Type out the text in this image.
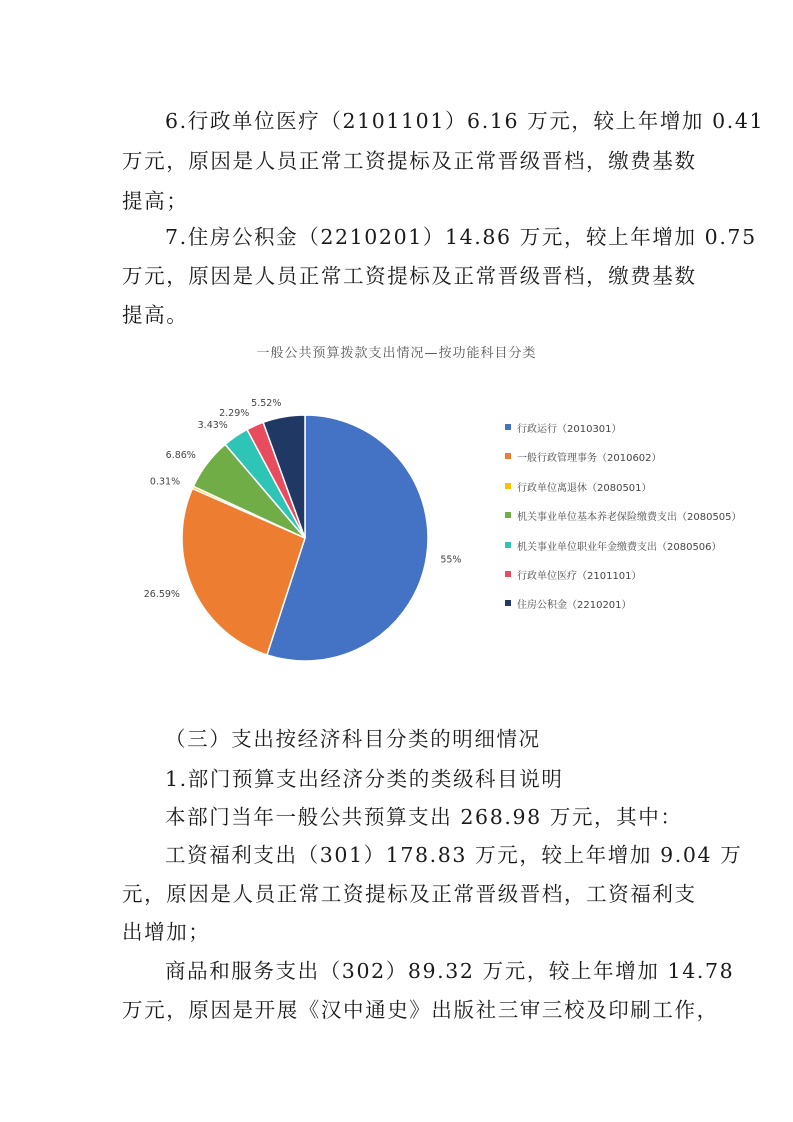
6.行政单位医疗（2101101）6.16 万元，较上年增加 0.41
万元，原因是人员正常工资提标及正常晋级晋档，缴费基数
提高；
7.住房公积金（2210201）14.86 万元，较上年增加 0.75
万元，原因是人员正常工资提标及正常晋级晋档，缴费基数
提高。
一般公共预算拨款支出情况—按功能科目分类
55%
26.59%
0.31%
6.86%
3.43%
2.29%
5.52%
行政运行（2010301）
一般行政管理事务（2010602）
行政单位离退休（2080501）
机关事业单位基本养老保险缴费支出（2080505）
机关事业单位职业年金缴费支出（2080506）
行政单位医疗（2101101）
住房公积金（2210201）
（三）支出按经济科目分类的明细情况
1.部门预算支出经济分类的类级科目说明
本部门当年一般公共预算支出 268.98 万元，其中：
工资福利支出（301）178.83 万元，较上年增加 9.04 万
元，原因是人员正常工资提标及正常晋级晋档，工资福利支
出增加；
商品和服务支出（302）89.32 万元，较上年增加 14.78
万元，原因是开展《汉中通史》出版社三审三校及印刷工作，
